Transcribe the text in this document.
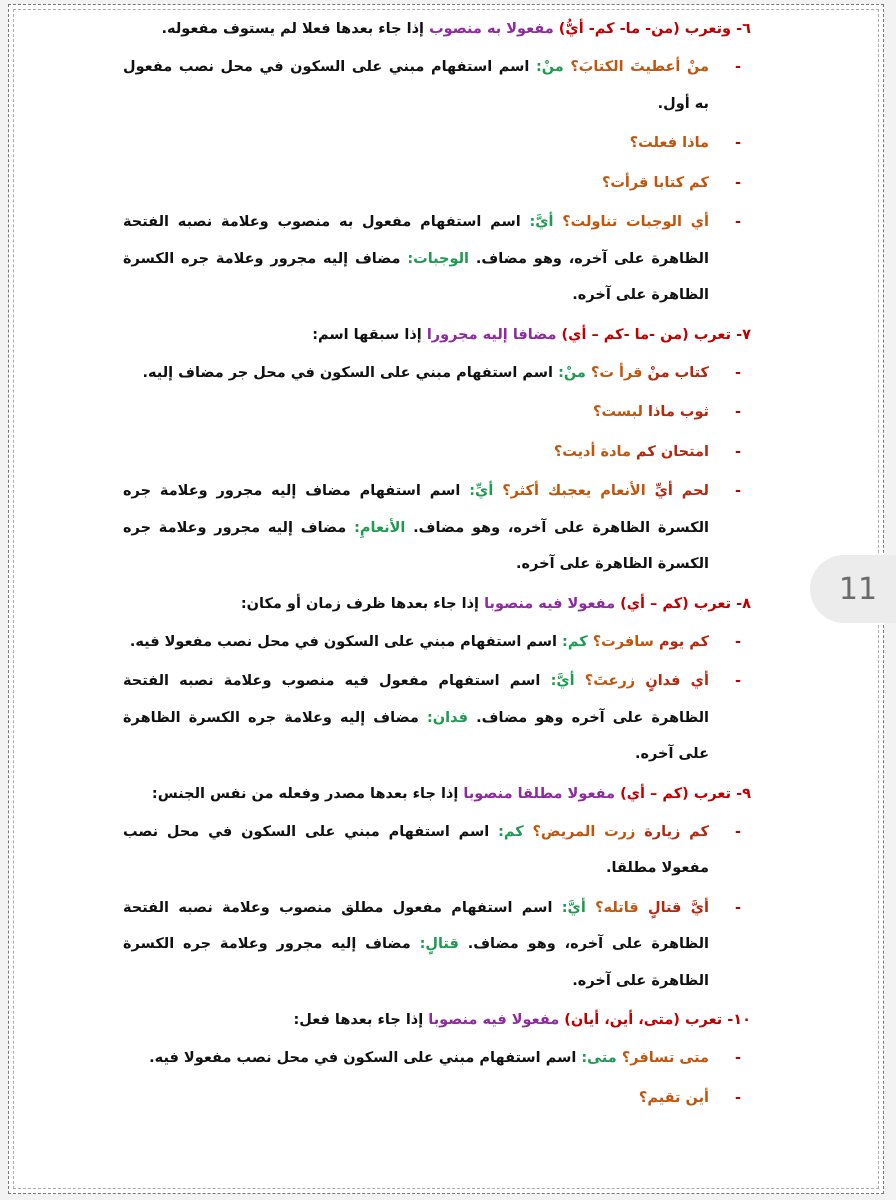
٦- وتعرب (من- ما- كم- أيُّ) مفعولا به منصوب إذا جاء بعدها فعلا لم يستوف مفعوله.
-
منْ أعطيتَ الكتابَ؟ منْ: اسم استفهام مبني على السكون في محل نصب مفعول به أول.
-
ماذا فعلت؟
-
كم كتابا قرأت؟
-
أي الوجبات تناولت؟ أيَّ: اسم استفهام مفعول به منصوب وعلامة نصبه الفتحة الظاهرة على آخره، وهو مضاف. الوجبات: مضاف إليه مجرور وعلامة جره الكسرة الظاهرة على آخره.
٧- تعرب (من -ما -كم – أي) مضافا إليه مجرورا إذا سبقها اسم:
-
كتاب منْ قرأ ت؟ منْ: اسم استفهام مبني على السكون في محل جر مضاف إليه.
-
ثوب ماذا لبست؟
-
امتحان كم مادة أديت؟
-
لحم أيِّ الأنعام يعجبك أكثر؟ أيِّ: اسم استفهام مضاف إليه مجرور وعلامة جره الكسرة الظاهرة على آخره، وهو مضاف. الأنعامِ: مضاف إليه مجرور وعلامة جره الكسرة الظاهرة على آخره.
٨- تعرب (كم – أي) مفعولا فيه منصوبا إذا جاء بعدها ظرف زمان أو مكان:
-
كم يوم سافرت؟ كم: اسم استفهام مبني على السكون في محل نصب مفعولا فيه.
-
أي فدانٍ زرعتَ؟ أيَّ: اسم استفهام مفعول فيه منصوب وعلامة نصبه الفتحة الظاهرة على آخره وهو مضاف. فدان: مضاف إليه وعلامة جره الكسرة الظاهرة على آخره.
٩- تعرب (كم – أي) مفعولا مطلقا منصوبا إذا جاء بعدها مصدر وفعله من نفس الجنس:
-
كم زيارة زرت المريض؟ كم: اسم استفهام مبني على السكون في محل نصب مفعولا مطلقا.
-
أيَّ قتالٍ قاتله؟ أيَّ: اسم استفهام مفعول مطلق منصوب وعلامة نصبه الفتحة الظاهرة على آخره، وهو مضاف. قتالٍ: مضاف إليه مجرور وعلامة جره الكسرة الظاهرة على آخره.
١٠- تعرب (متى، أين، أيان) مفعولا فيه منصوبا إذا جاء بعدها فعل:
-
متى تسافر؟ متى: اسم استفهام مبني على السكون في محل نصب مفعولا فيه.
-
أين تقيم؟
11
